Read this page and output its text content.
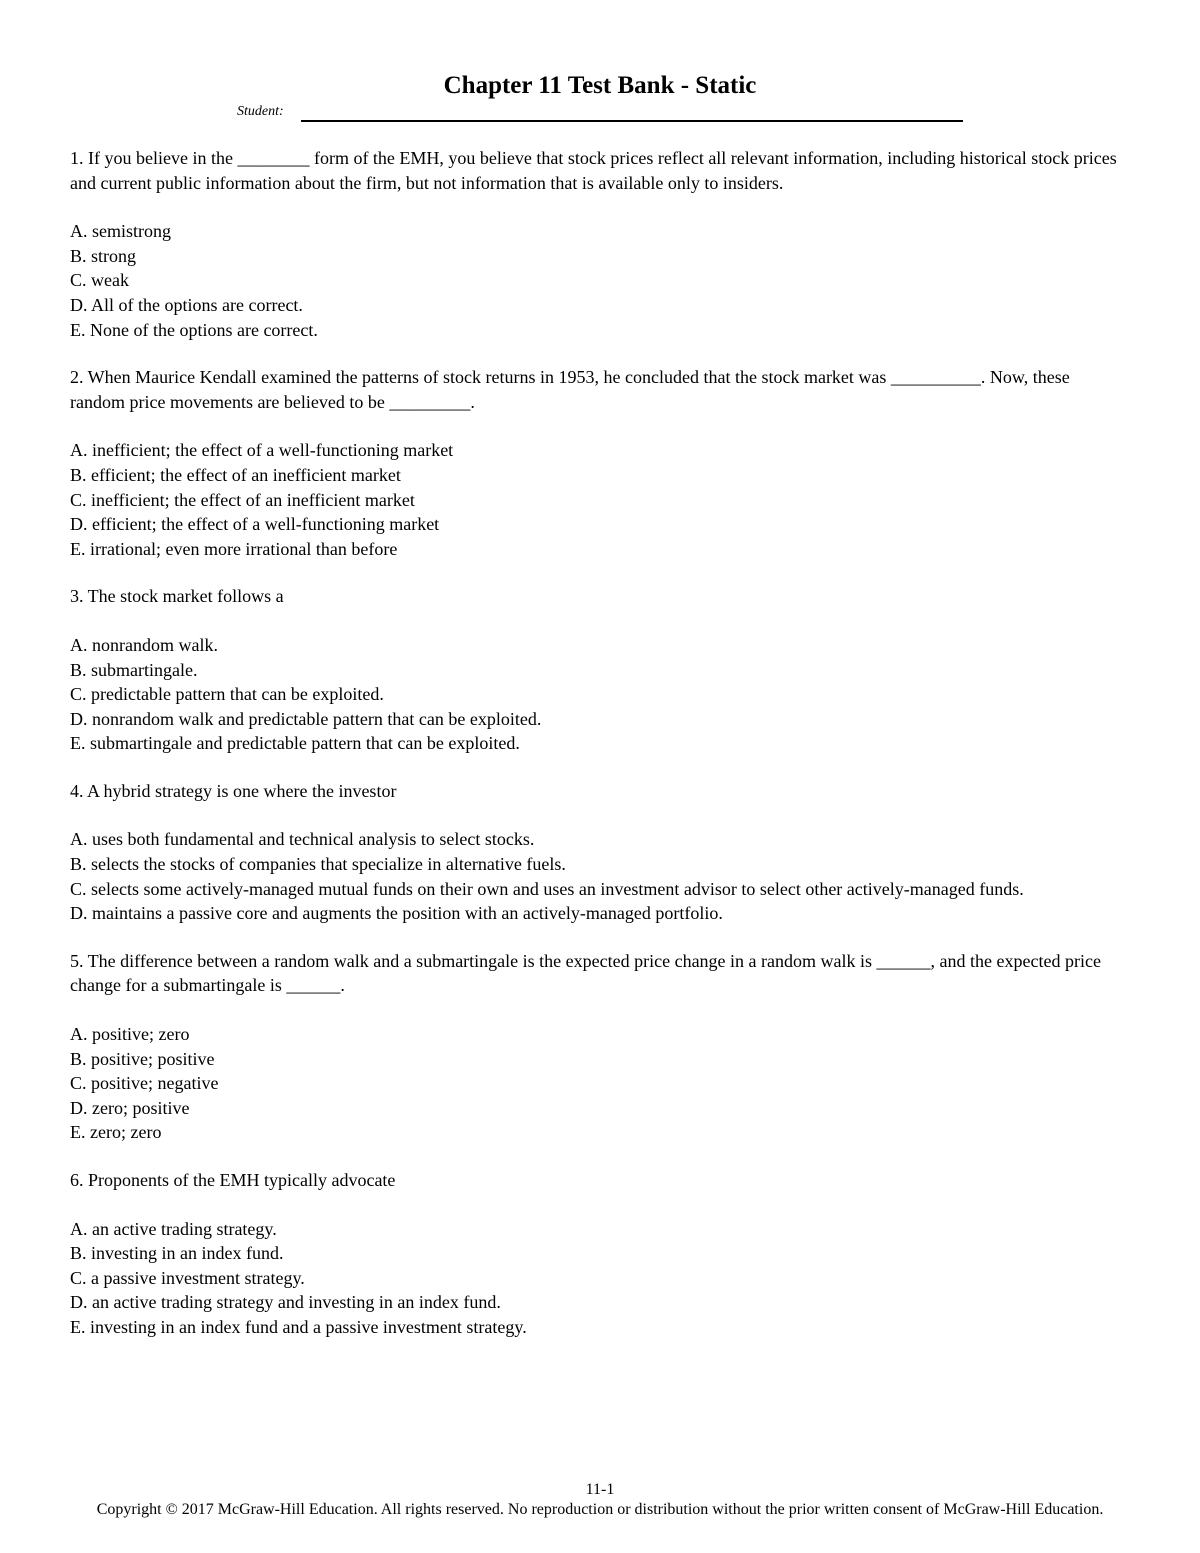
Chapter 11 Test Bank - Static
Student:
1. If you believe in the ________ form of the EMH, you believe that stock prices reflect all relevant information, including historical stock prices and current public information about the firm, but not information that is available only to insiders.
A. semistrong
B. strong
C. weak
D. All of the options are correct.
E. None of the options are correct.
2. When Maurice Kendall examined the patterns of stock returns in 1953, he concluded that the stock market was __________. Now, these random price movements are believed to be _________.
A. inefficient; the effect of a well-functioning market
B. efficient; the effect of an inefficient market
C. inefficient; the effect of an inefficient market
D. efficient; the effect of a well-functioning market
E. irrational; even more irrational than before
3. The stock market follows a
A. nonrandom walk.
B. submartingale.
C. predictable pattern that can be exploited.
D. nonrandom walk and predictable pattern that can be exploited.
E. submartingale and predictable pattern that can be exploited.
4. A hybrid strategy is one where the investor
A. uses both fundamental and technical analysis to select stocks.
B. selects the stocks of companies that specialize in alternative fuels.
C. selects some actively-managed mutual funds on their own and uses an investment advisor to select other actively-managed funds.
D. maintains a passive core and augments the position with an actively-managed portfolio.
5. The difference between a random walk and a submartingale is the expected price change in a random walk is ______, and the expected price change for a submartingale is ______.
A. positive; zero
B. positive; positive
C. positive; negative
D. zero; positive
E. zero; zero
6. Proponents of the EMH typically advocate
A. an active trading strategy.
B. investing in an index fund.
C. a passive investment strategy.
D. an active trading strategy and investing in an index fund.
E. investing in an index fund and a passive investment strategy.
11-1
Copyright © 2017 McGraw-Hill Education. All rights reserved. No reproduction or distribution without the prior written consent of McGraw-Hill Education.
